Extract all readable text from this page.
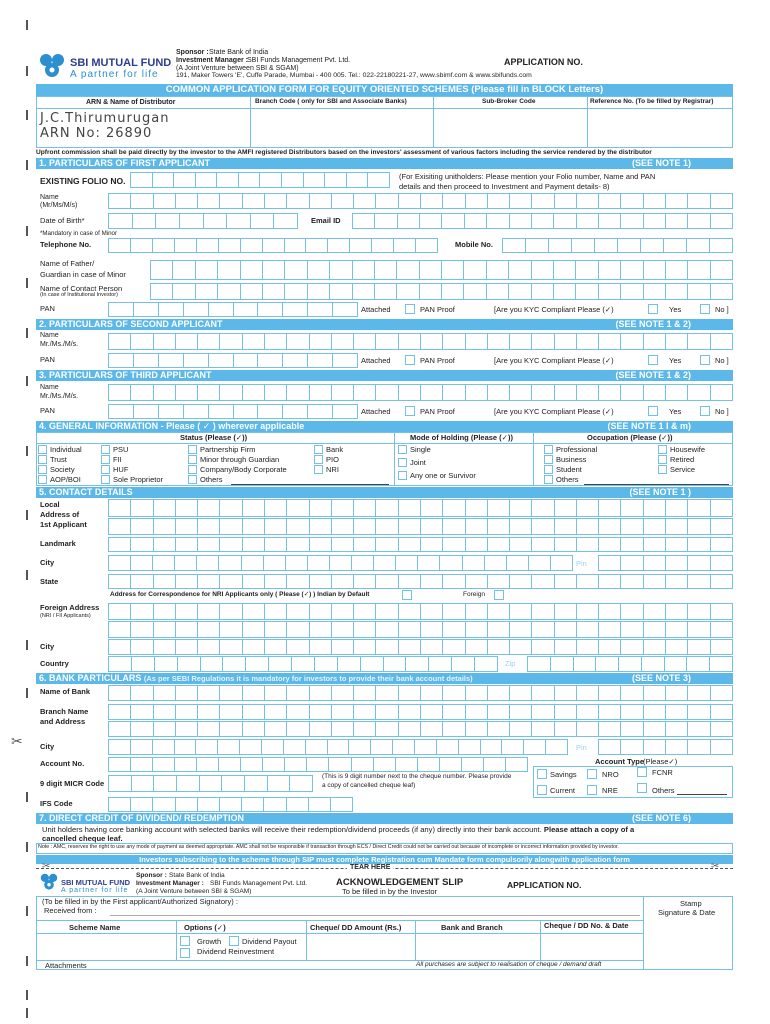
SBI MUTUAL FUND
A partner for life
Sponsor : State Bank of India
Investment Manager : SBI Funds Management Pvt. Ltd.
(A Joint Venture between SBI & SGAM)
191, Maker Towers 'E', Cuffe Parade, Mumbai - 400 005. Tel.: 022-22180221-27, www.sbimf.com & www.sbifunds.com
APPLICATION NO.
COMMON APPLICATION FORM FOR EQUITY ORIENTED SCHEMES (Please fill in BLOCK Letters)
ARN & Name of Distributor	Branch Code ( only for SBI and Associate Banks)	Sub-Broker Code	Reference No. (To be filled by Registrar)
J.C.Thirumurugan
ARN No: 26890
Upfront commission shall be paid directly by the investor to the AMFI registered Distributors based on the investors' assessment of various factors including the service rendered by the distributor
1. PARTICULARS OF FIRST APPLICANT	(SEE NOTE 1)
EXISTING FOLIO NO.	(For Exisiting unitholders: Please mention your Folio number, Name and PAN
details and then proceed to Investment and Payment details- 8)
Name
(Mr/Ms/M/s)
Date of Birth*	Email ID
*Mandatory in case of Minor
Telephone No.	Mobile No.
Name of Father/
Guardian in case of Minor
Name of Contact Person
(In case of Institutional Investor)
PAN	Attached	PAN Proof	[Are you KYC Compliant Please (✓)	Yes	No ]
2. PARTICULARS OF SECOND APPLICANT	(SEE NOTE 1 & 2)
Name
Mr./Ms./M/s.
PAN	Attached	PAN Proof	[Are you KYC Compliant Please (✓)	Yes	No ]
3. PARTICULARS OF THIRD APPLICANT	(SEE NOTE 1 & 2)
Name
Mr./Ms./M/s.
PAN	Attached	PAN Proof	[Are you KYC Compliant Please (✓)	Yes	No ]
4. GENERAL INFORMATION - Please ( ✓ ) wherever applicable	(SEE NOTE 1 I & m)
Status (Please (✓))	Mode of Holding (Please (✓))	Occupation (Please (✓))
Individual
Trust
Society
AOP/BOI
PSU
FII
HUF
Sole Proprietor
Partnership Firm
Minor through Guardian
Company/Body Corporate
Others
Bank
PIO
NRI
Single
Joint
Any one or Survivor
Professional
Business
Student
Others
Housewife
Retired
Service
5. CONTACT DETAILS	(SEE NOTE 1 )
Local
Address of
1st Applicant
Landmark
City	Pin
State
Address for Correspondence for NRI Applicants only ( Please (✓) ) Indian by Default	Foreign
Foreign Address
(NRI / FII Applicants)
City
Country	Zip
6. BANK PARTICULARS (As per SEBI Regulations it is mandatory for investors to provide their bank account details)	(SEE NOTE 3)
Name of Bank
Branch Name
and Address
✂ City	Pin
Account No.	Account Type
(Please✓)
9 digit MICR Code
(This is 9 digit number next to the cheque number. Please provide
a copy of cancelled cheque leaf)
Savings	NRO	FCNR
Current	NRE	Others
IFS Code
7. DIRECT CREDIT OF DIVIDEND/ REDEMPTION	(SEE NOTE 6)
Unit holders having core banking account with selected banks will receive their redemption/dividend proceeds (if any) directly into their bank account. Please attach a copy of a
cancelled cheque leaf.
Note : AMC, reserves the right to use any mode of payment as deemed appropriate. AMC shall not be responsible if transaction through ECS / Direct Credit could not be carried out because of incomplete or incorrect information provided by investor.
Investors subscribing to the scheme through SIP must complete Registration cum Mandate form compulsorily alongwith application form
✂	✂
TEAR HERE
SBI MUTUAL FUND
A partner for life
Sponsor : State Bank of India
Investment Manager : SBI Funds Management Pvt. Ltd.
(A Joint Venture between SBI & SGAM)
ACKNOWLEDGEMENT SLIP
To be filled in by the Investor
APPLICATION NO.
(To be filled in by the First applicant/Authorized Signatory) :
Received from :
Stamp
Signature & Date
Scheme Name	Options (✓)	Cheque/ DD Amount (Rs.)	Bank and Branch	Cheque / DD No. & Date
Growth	Dividend Payout
Dividend Reinvestment
Attachments	All purchases are subject to realisation of cheque / demand draft
